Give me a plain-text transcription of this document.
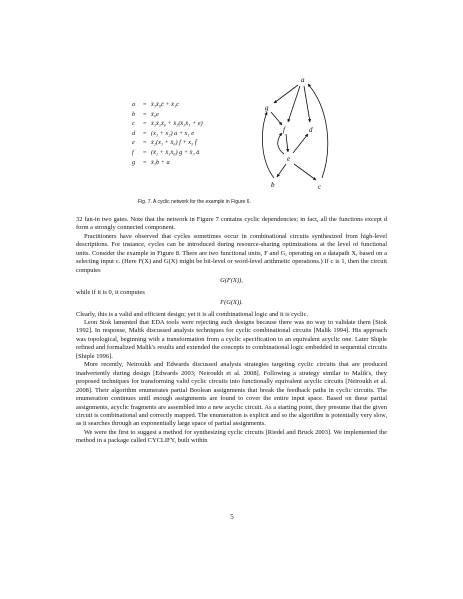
a	= x̄₃x̄₀c̄ + x̄₁c
b	= x̄₀e
c	= x̄₃x̄₂x̄₀ + x̄₂(x̄₃x̄₁ + e)
d	= (x₃ + x₂) a + x₁ e
e	= x̄₂(x₁ + x̄₀) f + x₃ f̄
f	= (x̄₂ + x̄₁x̄₀) g + x̄₃ ā
g	= x̄₃b + a
a
g
f	d
e
b	c
Fig. 7. A cyclic network for the example in Figure 6.

32 fan-in two gates. Note that the network in Figure 7 contains cyclic dependencies; in fact, all the functions except d form a strongly connected component.

Practitioners have observed that cycles sometimes occur in combinational circuits synthesized from high-level descriptions. For instance, cycles can be introduced during resource-sharing optimizations at the level of functional units. Consider the example in Figure 8. There are two functional units, F and G, operating on a datapath X, based on a selecting input c. (Here F(X) and G(X) might be bit-level or word-level arithmetic operations.) If c is 1, then the circuit computes

G(F(X)),

while if it is 0, it computes

F(G(X)).

Clearly, this is a valid and efficient design; yet it is all combinational logic and it is cyclic.

Leon Stok lamented that EDA tools were rejecting such designs because there was no way to validate them [Stok 1992]. In response, Malik discussed analysis techniques for cyclic combinational circuits [Malik 1994]. His approach was topological, beginning with a transformation from a cyclic specification to an equivalent acyclic one. Later Shiple refined and formalized Malik's results and extended the concepts to combinational logic embedded in sequential circuits [Shiple 1996].

More recently, Neiroukh and Edwards discussed analysis strategies targeting cyclic circuits that are produced inadvertently during design [Edwards 2003; Neiroukh et al. 2008]. Following a strategy similar to Malik's, they proposed techniques for transforming valid cyclic circuits into functionally equivalent acyclic circuits [Neiroukh et al. 2008]. Their algorithm enumerates partial Boolean assignments that break the feedback paths in cyclic circuits. The enumeration continues until enough assignments are found to cover the entire input space. Based on these partial assignments, acyclic fragments are assembled into a new acyclic circuit. As a starting point, they presume that the given circuit is combinational and correctly mapped. The enumeration is explicit and so the algorithm is potentially very slow, as it searches through an exponentially large space of partial assignments.

We were the first to suggest a method for synthesizing cyclic circuits [Riedel and Bruck 2003]. We implemented the method in a package called CYCLIFY, built within

5
